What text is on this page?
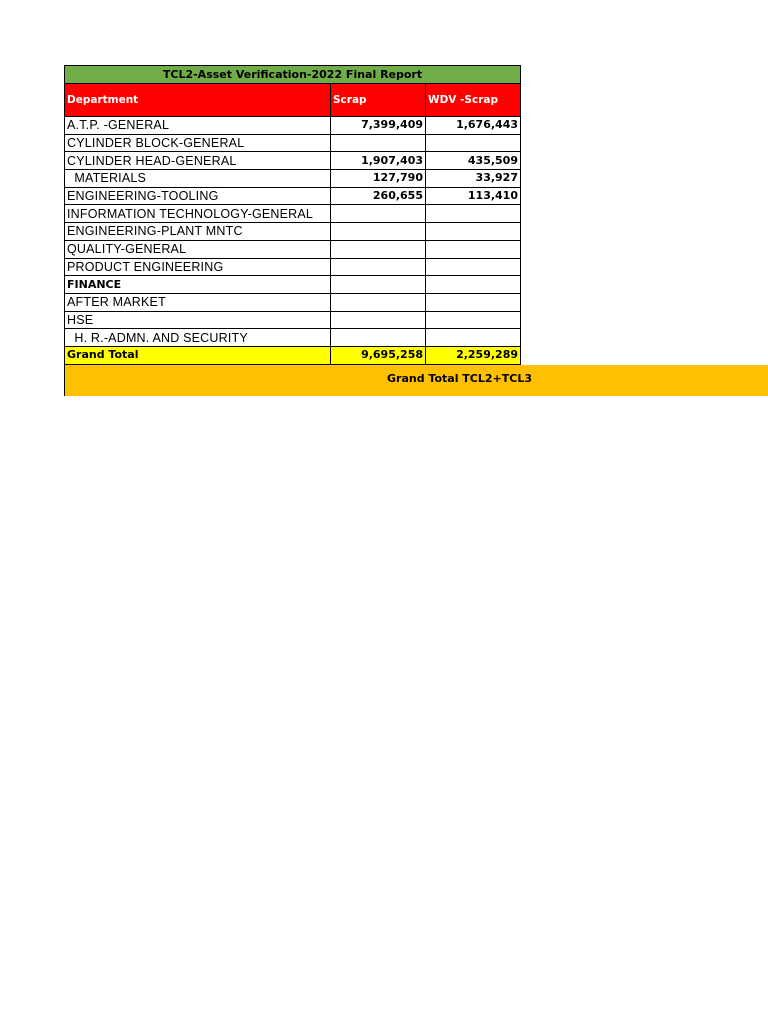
TCL2-Asset Verification-2022 Final Report		
Department	Scrap	WDV -Scrap
A.T.P. -GENERAL	7,399,409	1,676,443
CYLINDER BLOCK-GENERAL		
CYLINDER HEAD-GENERAL	1,907,403	435,509
MATERIALS	127,790	33,927
ENGINEERING-TOOLING	260,655	113,410
INFORMATION TECHNOLOGY-GENERAL		
ENGINEERING-PLANT MNTC		
QUALITY-GENERAL		
PRODUCT ENGINEERING		
FINANCE		
AFTER MARKET		
HSE		
H. R.-ADMN. AND SECURITY		
Grand Total	9,695,258	2,259,289
Grand Total TCL2+TCL3
